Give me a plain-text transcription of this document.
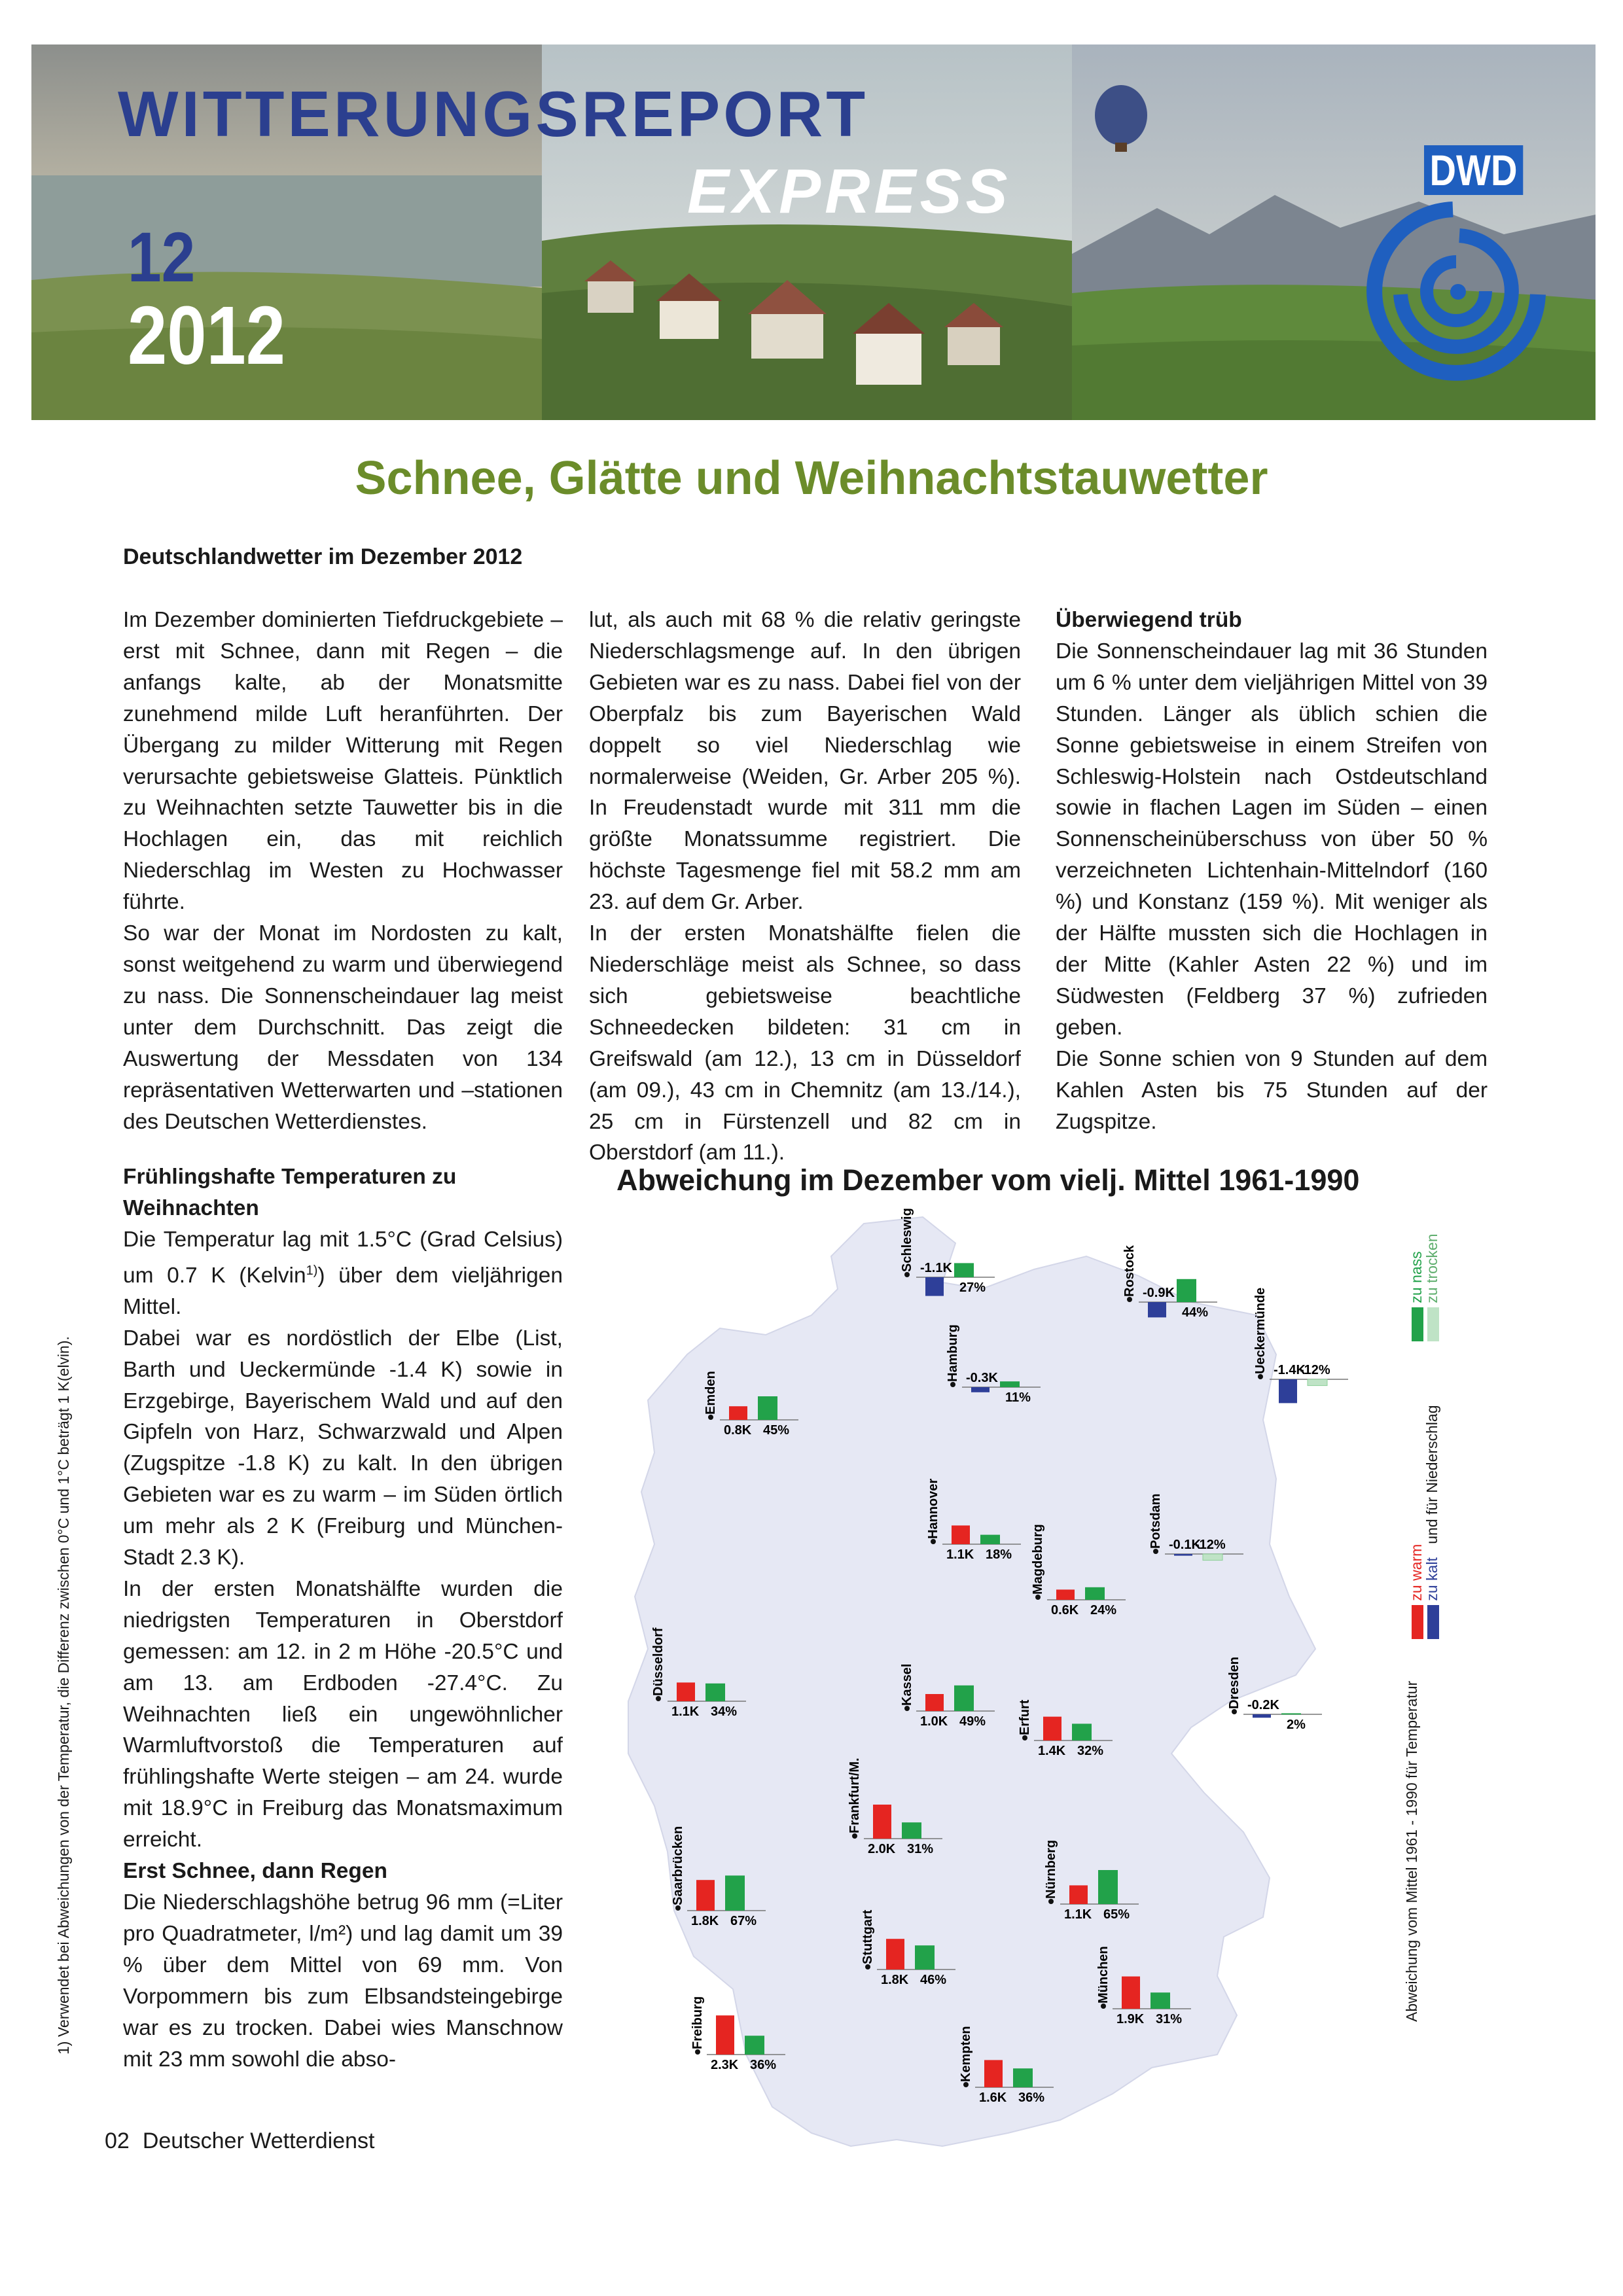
WITTERUNGSREPORT
EXPRESS
12
2012
DWD
Schnee, Glätte und Weihnachtstauwetter
Deutschlandwetter im Dezember 2012

Im Dezember dominierten Tiefdruckgebiete – erst mit Schnee, dann mit Regen – die anfangs kalte, ab der Monatsmitte zunehmend milde Luft heranführten. Der Übergang zu milder Witterung mit Regen verursachte gebietsweise Glatteis. Pünktlich zu Weihnachten setzte Tauwetter bis in die Hochlagen ein, das mit reichlich Niederschlag im Westen zu Hochwasser führte.

So war der Monat im Nordosten zu kalt, sonst weitgehend zu warm und überwiegend zu nass. Die Sonnenscheindauer lag meist unter dem Durchschnitt. Das zeigt die Auswertung der Messdaten von 134 repräsentativen Wetterwarten und –stationen des Deutschen Wetterdienstes.

lut, als auch mit 68 % die relativ geringste Niederschlagsmenge auf. In den übrigen Gebieten war es zu nass. Dabei fiel von der Oberpfalz bis zum Bayerischen Wald doppelt so viel Niederschlag wie normalerweise (Weiden, Gr. Arber 205 %). In Freudenstadt wurde mit 311 mm die größte Monatssumme registriert. Die höchste Tagesmenge fiel mit 58.2 mm am 23. auf dem Gr. Arber.

In der ersten Monatshälfte fielen die Niederschläge meist als Schnee, so dass sich gebietsweise beachtliche Schneedecken bildeten: 31 cm in Greifswald (am 12.), 13 cm in Düsseldorf (am 09.), 43 cm in Chemnitz (am 13./14.), 25 cm in Fürstenzell und 82 cm in Oberstdorf (am 11.).

Überwiegend trüb

Die Sonnenscheindauer lag mit 36 Stunden um 6 % unter dem vieljährigen Mittel von 39 Stunden. Länger als üblich schien die Sonne gebietsweise in einem Streifen von Schleswig-Holstein nach Ostdeutschland sowie in flachen Lagen im Süden – einen Sonnenscheinüberschuss von über 50 % verzeichneten Lichtenhain-Mittelndorf (160 %) und Konstanz (159 %). Mit weniger als der Hälfte mussten sich die Hochlagen in der Mitte (Kahler Asten 22 %) und im Südwesten (Feldberg 37 %) zufrieden geben.

Die Sonne schien von 9 Stunden auf dem Kahlen Asten bis 75 Stunden auf der Zugspitze.

Frühlingshafte Temperaturen zu Weihnachten

Die Temperatur lag mit 1.5°C (Grad Celsius) um 0.7 K (Kelvin$^{1)}$) über dem vieljährigen Mittel.

Dabei war es nordöstlich der Elbe (List, Barth und Ueckermünde -1.4 K) sowie in Erzgebirge, Bayerischem Wald und auf den Gipfeln von Harz, Schwarzwald und Alpen (Zugspitze -1.8 K) zu kalt. In den übrigen Gebieten war es zu warm – im Süden örtlich um mehr als 2 K (Freiburg und München-Stadt 2.3 K).

In der ersten Monatshälfte wurden die niedrigsten Temperaturen in Oberstdorf gemessen: am 12. in 2 m Höhe -20.5°C und am 13. am Erdboden -27.4°C. Zu Weihnachten ließ ein ungewöhnlicher Warmluftvorstoß die Temperaturen auf frühlingshafte Werte steigen – am 24. wurde mit 18.9°C in Freiburg das Monatsmaximum erreicht.

Erst Schnee, dann Regen

Die Niederschlagshöhe betrug 96 mm (=Liter pro Quadratmeter, l/m²) und lag damit um 39 % über dem Mittel von 69 mm. Von Vorpommern bis zum Elbsandsteingebirge war es zu trocken. Dabei wies Manschnow mit 23 mm sowohl die abso-

1) Verwendet bei Abweichungen von der Temperatur, die Differenz zwischen 0°C und 1°C beträgt 1 K(elvin).
02 Deutscher Wetterdienst
Abweichung im Dezember vom vielj. Mittel 1961-1990
Schleswig -1.1K
27%	Rostock -0.9K
44%	Ueckermünde -1.4K
-12%
Hamburg -0.3K
11%
Emden
0.8K 45%
Hannover
1.1K 18%
Potsdam -0.1K
-12%
Magdeburg
0.6K 24%
Düsseldorf
1.1K 34%
Kassel
1.0K 49% Erfurt
1.4K 32%
Dresden -0.2K
2%
Frankfurt/M.
2.0K 31%
Saarbrücken
1.8K 67%
Nürnberg
1.1K 65%
Stuttgart
1.8K 46%	München
1.9K 31%
Freiburg
2.3K 36%	Kempten
1.6K 36%
Abweichung vom Mittel 1961 - 1990 für Temperatur
zu warm
zu kalt und für Niederschlag
zu nass
zu trocken
